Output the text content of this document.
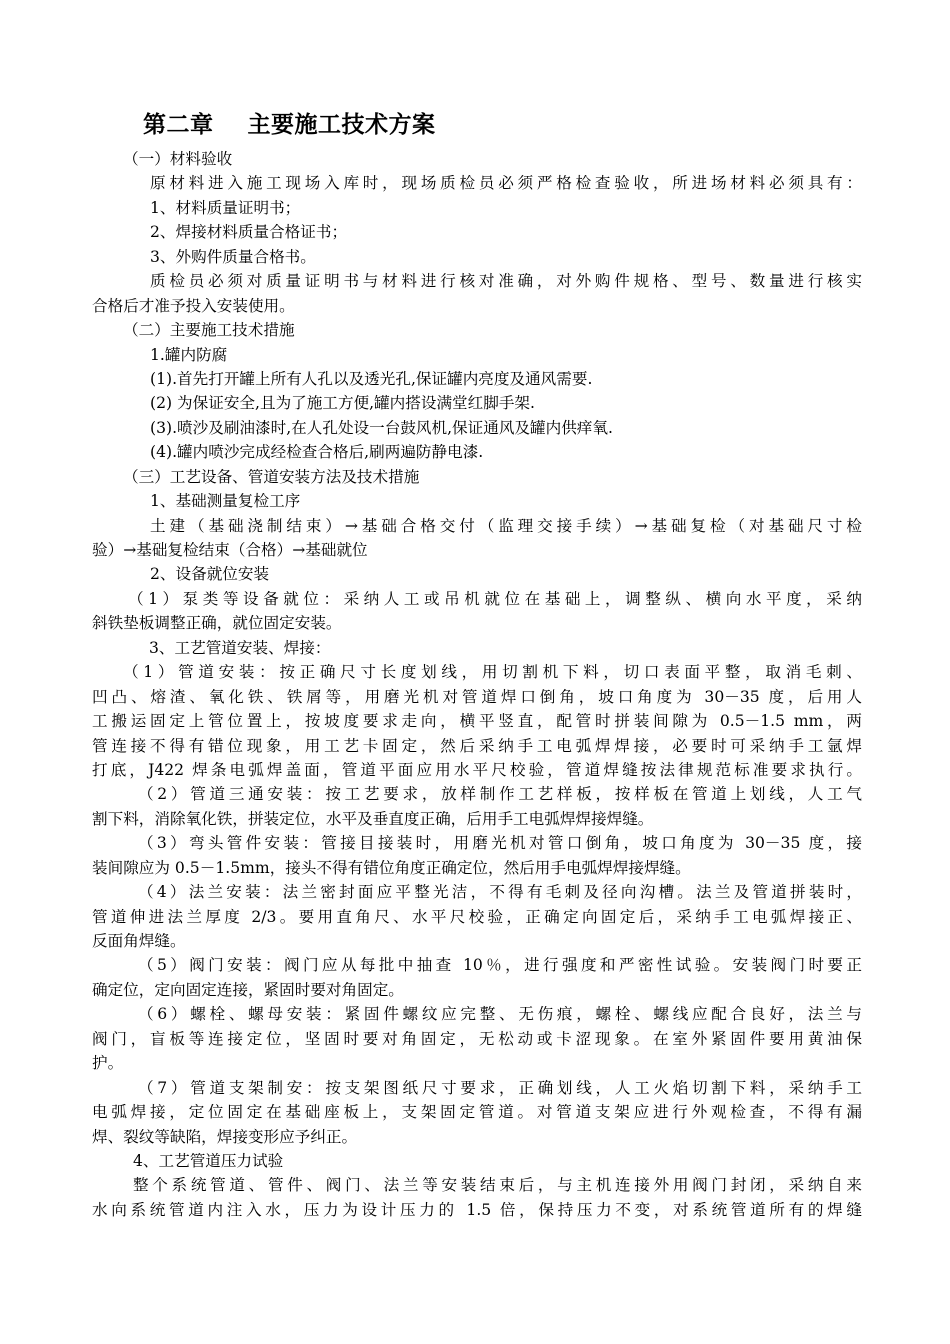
第二章    主要施工技术方案
（一）材料验收
原材料进入施工现场入库时，现场质检员必须严格检查验收，所进场材料必须具有：
1、材料质量证明书；
2、焊接材料质量合格证书；
3、外购件质量合格书。
质检员必须对质量证明书与材料进行核对准确，对外购件规格、型号、数量进行核实
合格后才准予投入安装使用。
（二）主要施工技术措施
1.罐内防腐
(1).首先打开罐上所有人孔以及透光孔,保证罐内亮度及通风需要.
(2) 为保证安全,且为了施工方便,罐内搭设满堂红脚手架.
(3).喷沙及刷油漆时,在人孔处设一台鼓风机,保证通风及罐内供痒氧.
(4).罐内喷沙完成经检查合格后,刷两遍防静电漆.
（三）工艺设备、管道安装方法及技术措施
1、基础测量复检工序
土建（基础浇制结束）→基础合格交付（监理交接手续）→基础复检（对基础尺寸检
验）→基础复检结束（合格）→基础就位
2、设备就位安装
（1）泵类等设备就位：采纳人工或吊机就位在基础上，调整纵、横向水平度，采纳
斜铁垫板调整正确，就位固定安装。
3、工艺管道安装、焊接：
（1）管道安装：按正确尺寸长度划线，用切割机下料，切口表面平整，取消毛刺、
凹凸、熔渣、氧化铁、铁屑等，用磨光机对管道焊口倒角，坡口角度为 30－35 度，后用人
工搬运固定上管位置上，按坡度要求走向，横平竖直，配管时拼装间隙为 0.5－1.5 mm，两
管连接不得有错位现象，用工艺卡固定，然后采纳手工电弧焊焊接，必要时可采纳手工氩焊
打底，J422 焊条电弧焊盖面，管道平面应用水平尺校验，管道焊缝按法律规范标准要求执行。
（2）管道三通安装：按工艺要求，放样制作工艺样板，按样板在管道上划线，人工气
割下料，消除氧化铁，拼装定位，水平及垂直度正确，后用手工电弧焊焊接焊缝。
（3）弯头管件安装：管接目接装时，用磨光机对管口倒角，坡口角度为 30－35 度，接
装间隙应为 0.5－1.5mm，接头不得有错位角度正确定位，然后用手电弧焊焊接焊缝。
（4）法兰安装：法兰密封面应平整光洁，不得有毛刺及径向沟槽。法兰及管道拼装时，
管道伸进法兰厚度 2/3。要用直角尺、水平尺校验，正确定向固定后，采纳手工电弧焊接正、
反面角焊缝。
（5）阀门安装：阀门应从每批中抽查 10％，进行强度和严密性试验。安装阀门时要正
确定位，定向固定连接，紧固时要对角固定。
（6）螺栓、螺母安装：紧固件螺纹应完整、无伤痕，螺栓、螺线应配合良好，法兰与
阀门，盲板等连接定位，坚固时要对角固定，无松动或卡涩现象。在室外紧固件要用黄油保
护。
（7）管道支架制安：按支架图纸尺寸要求，正确划线，人工火焰切割下料，采纳手工
电弧焊接，定位固定在基础座板上，支架固定管道。对管道支架应进行外观检查，不得有漏
焊、裂纹等缺陷，焊接变形应予纠正。
4、工艺管道压力试验
整个系统管道、管件、阀门、法兰等安装结束后，与主机连接外用阀门封闭，采纳自来
水向系统管道内注入水，压力为设计压力的 1.5 倍，保持压力不变，对系统管道所有的焊缝
